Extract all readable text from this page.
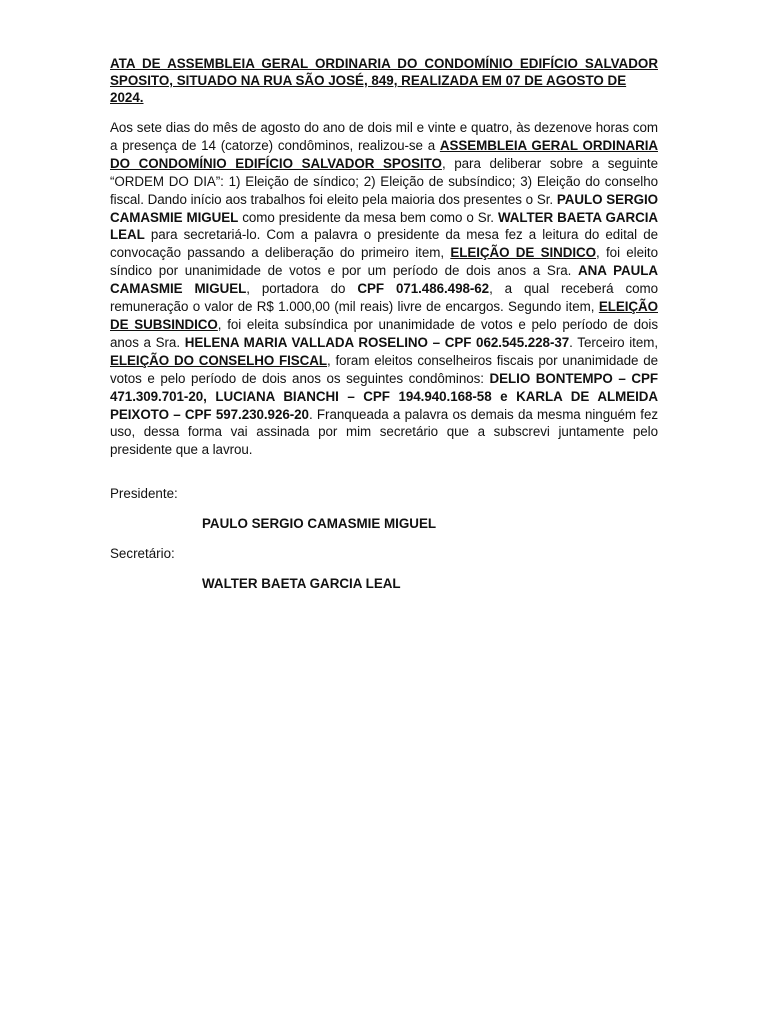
ATA DE ASSEMBLEIA GERAL ORDINARIA DO CONDOMÍNIO EDIFÍCIO SALVADOR
SPOSITO, SITUADO NA RUA SÃO JOSÉ, 849, REALIZADA EM 07 DE AGOSTO DE 2024.

Aos sete dias do mês de agosto do ano de dois mil e vinte e quatro, às dezenove horas com a presença de 14 (catorze) condôminos, realizou-se a ASSEMBLEIA GERAL ORDINARIA DO CONDOMÍNIO EDIFÍCIO SALVADOR SPOSITO, para deliberar sobre a seguinte “ORDEM DO DIA”: 1) Eleição de síndico; 2) Eleição de subsíndico; 3) Eleição do conselho fiscal. Dando início aos trabalhos foi eleito pela maioria dos presentes o Sr. PAULO SERGIO CAMASMIE MIGUEL como presidente da mesa bem como o Sr. WALTER BAETA GARCIA LEAL para secretariá-lo. Com a palavra o presidente da mesa fez a leitura do edital de convocação passando a deliberação do primeiro item, ELEIÇÃO DE SINDICO, foi eleito síndico por unanimidade de votos e por um período de dois anos a Sra. ANA PAULA CAMASMIE MIGUEL, portadora do CPF 071.486.498-62, a qual receberá como remuneração o valor de R$ 1.000,00 (mil reais) livre de encargos. Segundo item, ELEIÇÃO DE SUBSINDICO, foi eleita subsíndica por unanimidade de votos e pelo período de dois anos a Sra. HELENA MARIA VALLADA ROSELINO – CPF 062.545.228-37. Terceiro item, ELEIÇÃO DO CONSELHO FISCAL, foram eleitos conselheiros fiscais por unanimidade de votos e pelo período de dois anos os seguintes condôminos: DELIO BONTEMPO – CPF 471.309.701-20, LUCIANA BIANCHI – CPF 194.940.168-58 e KARLA DE ALMEIDA PEIXOTO – CPF 597.230.926-20. Franqueada a palavra os demais da mesma ninguém fez uso, dessa forma vai assinada por mim secretário que a subscrevi juntamente pelo presidente que a lavrou.

Presidente:
PAULO SERGIO CAMASMIE MIGUEL
Secretário:
WALTER BAETA GARCIA LEAL
